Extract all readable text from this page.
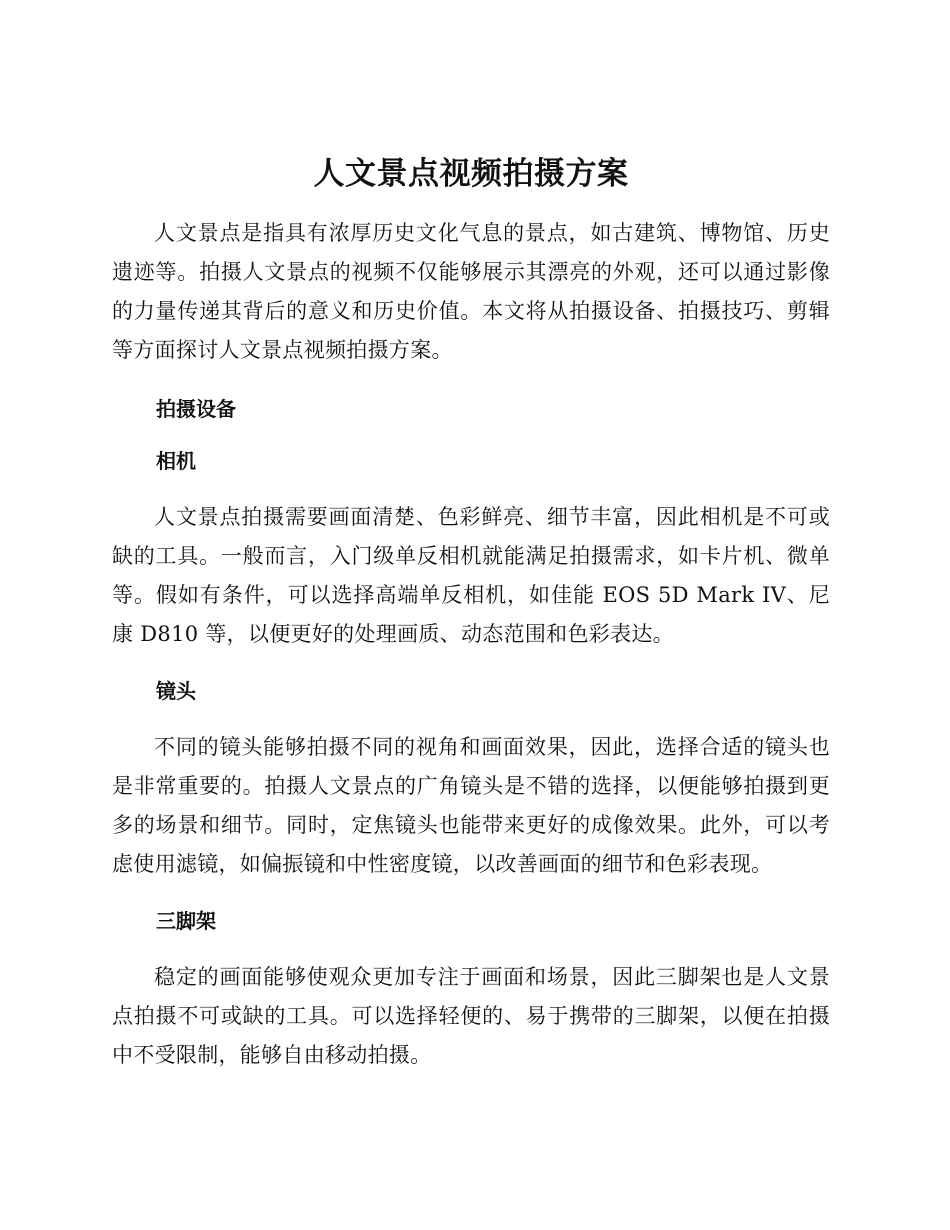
人文景点视频拍摄方案

人文景点是指具有浓厚历史文化气息的景点，如古建筑、博物馆、历史遗迹等。拍摄人文景点的视频不仅能够展示其漂亮的外观，还可以通过影像的力量传递其背后的意义和历史价值。本文将从拍摄设备、拍摄技巧、剪辑等方面探讨人文景点视频拍摄方案。

拍摄设备
相机

人文景点拍摄需要画面清楚、色彩鲜亮、细节丰富，因此相机是不可或缺的工具。一般而言，入门级单反相机就能满足拍摄需求，如卡片机、微单等。假如有条件，可以选择高端单反相机，如佳能 EOS 5D Mark IV、尼康 D810 等，以便更好的处理画质、动态范围和色彩表达。

镜头

不同的镜头能够拍摄不同的视角和画面效果，因此，选择合适的镜头也是非常重要的。拍摄人文景点的广角镜头是不错的选择，以便能够拍摄到更多的场景和细节。同时，定焦镜头也能带来更好的成像效果。此外，可以考虑使用滤镜，如偏振镜和中性密度镜，以改善画面的细节和色彩表现。

三脚架

稳定的画面能够使观众更加专注于画面和场景，因此三脚架也是人文景点拍摄不可或缺的工具。可以选择轻便的、易于携带的三脚架，以便在拍摄中不受限制，能够自由移动拍摄。
